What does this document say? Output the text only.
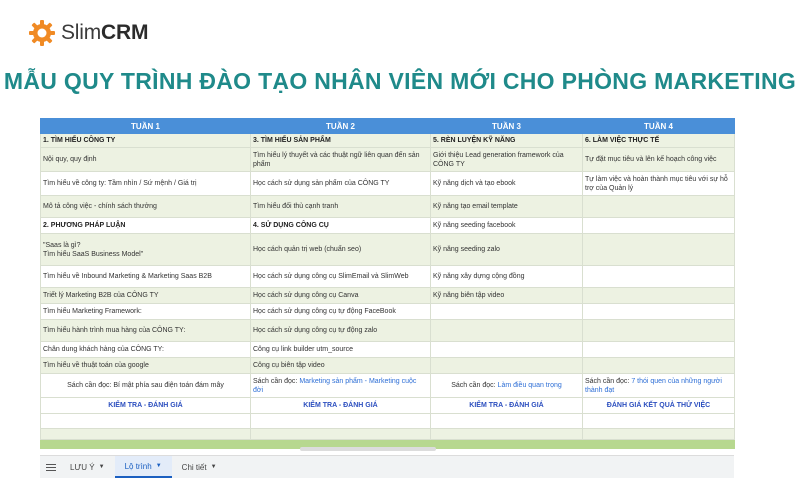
SlimCRM
MẪU QUY TRÌNH ĐÀO TẠO NHÂN VIÊN MỚI CHO PHÒNG MARKETING
TUẦN 1	TUẦN 2	TUẦN 3	TUẦN 4
1. TÌM HIỂU CÔNG TY	3. TÌM HIỂU SẢN PHẨM	5. RÈN LUYỆN KỸ NĂNG	6. LÀM VIỆC THỰC TẾ
Nội quy, quy định	Tìm hiểu lý thuyết và các thuật ngữ liên quan đến sản phẩm	Giới thiệu Lead generation framework của CÔNG TY	Tự đặt mục tiêu và lên kế hoạch công việc
Tìm hiểu về công ty: Tầm nhìn / Sứ mệnh / Giá trị	Học cách sử dụng sản phẩm của CÔNG TY	Kỹ năng dịch và tạo ebook	Tự làm việc và hoàn thành mục tiêu với sự hỗ trợ của Quản lý
Mô tả công việc - chính sách thưởng	Tìm hiểu đối thủ cạnh tranh	Kỹ năng tạo email template	
2. PHƯƠNG PHÁP LUẬN	4. SỬ DỤNG CÔNG CỤ	Kỹ năng seeding facebook	
"Saas là gì?
Tìm hiểu SaaS Business Model"	Học cách quản trị web (chuẩn seo)	Kỹ năng seeding zalo	
Tìm hiểu về Inbound Marketing & Marketing Saas B2B	Học cách sử dụng công cụ SlimEmail và SlimWeb	Kỹ năng xây dựng cộng đồng	
Triết lý Marketing B2B của CÔNG TY	Học cách sử dụng công cụ Canva	Kỹ năng biên tập video	
Tìm hiểu Marketing Framework:	Học cách sử dụng công cụ tự động FaceBook		
Tìm hiểu hành trình mua hàng của CÔNG TY:	Học cách sử dụng công cụ tự động zalo		
Chân dung khách hàng của CÔNG TY:	Công cụ link builder utm_source		
Tìm hiểu về thuật toán của google	Công cụ biên tập video		
Sách cần đọc: Bí mật phía sau điện toán đám mây	Sách cần đọc: Marketing sản phẩm - Marketing cuộc đời	Sách cần đọc: Làm điều quan trọng	Sách cần đọc: 7 thói quen của những người thành đạt
KIỂM TRA - ĐÁNH GIÁ	KIỂM TRA - ĐÁNH GIÁ	KIỂM TRA - ĐÁNH GIÁ	ĐÁNH GIÁ KẾT QUẢ THỬ VIỆC

LƯU Ý ▼	Lộ trình ▼	Chi tiết ▼
